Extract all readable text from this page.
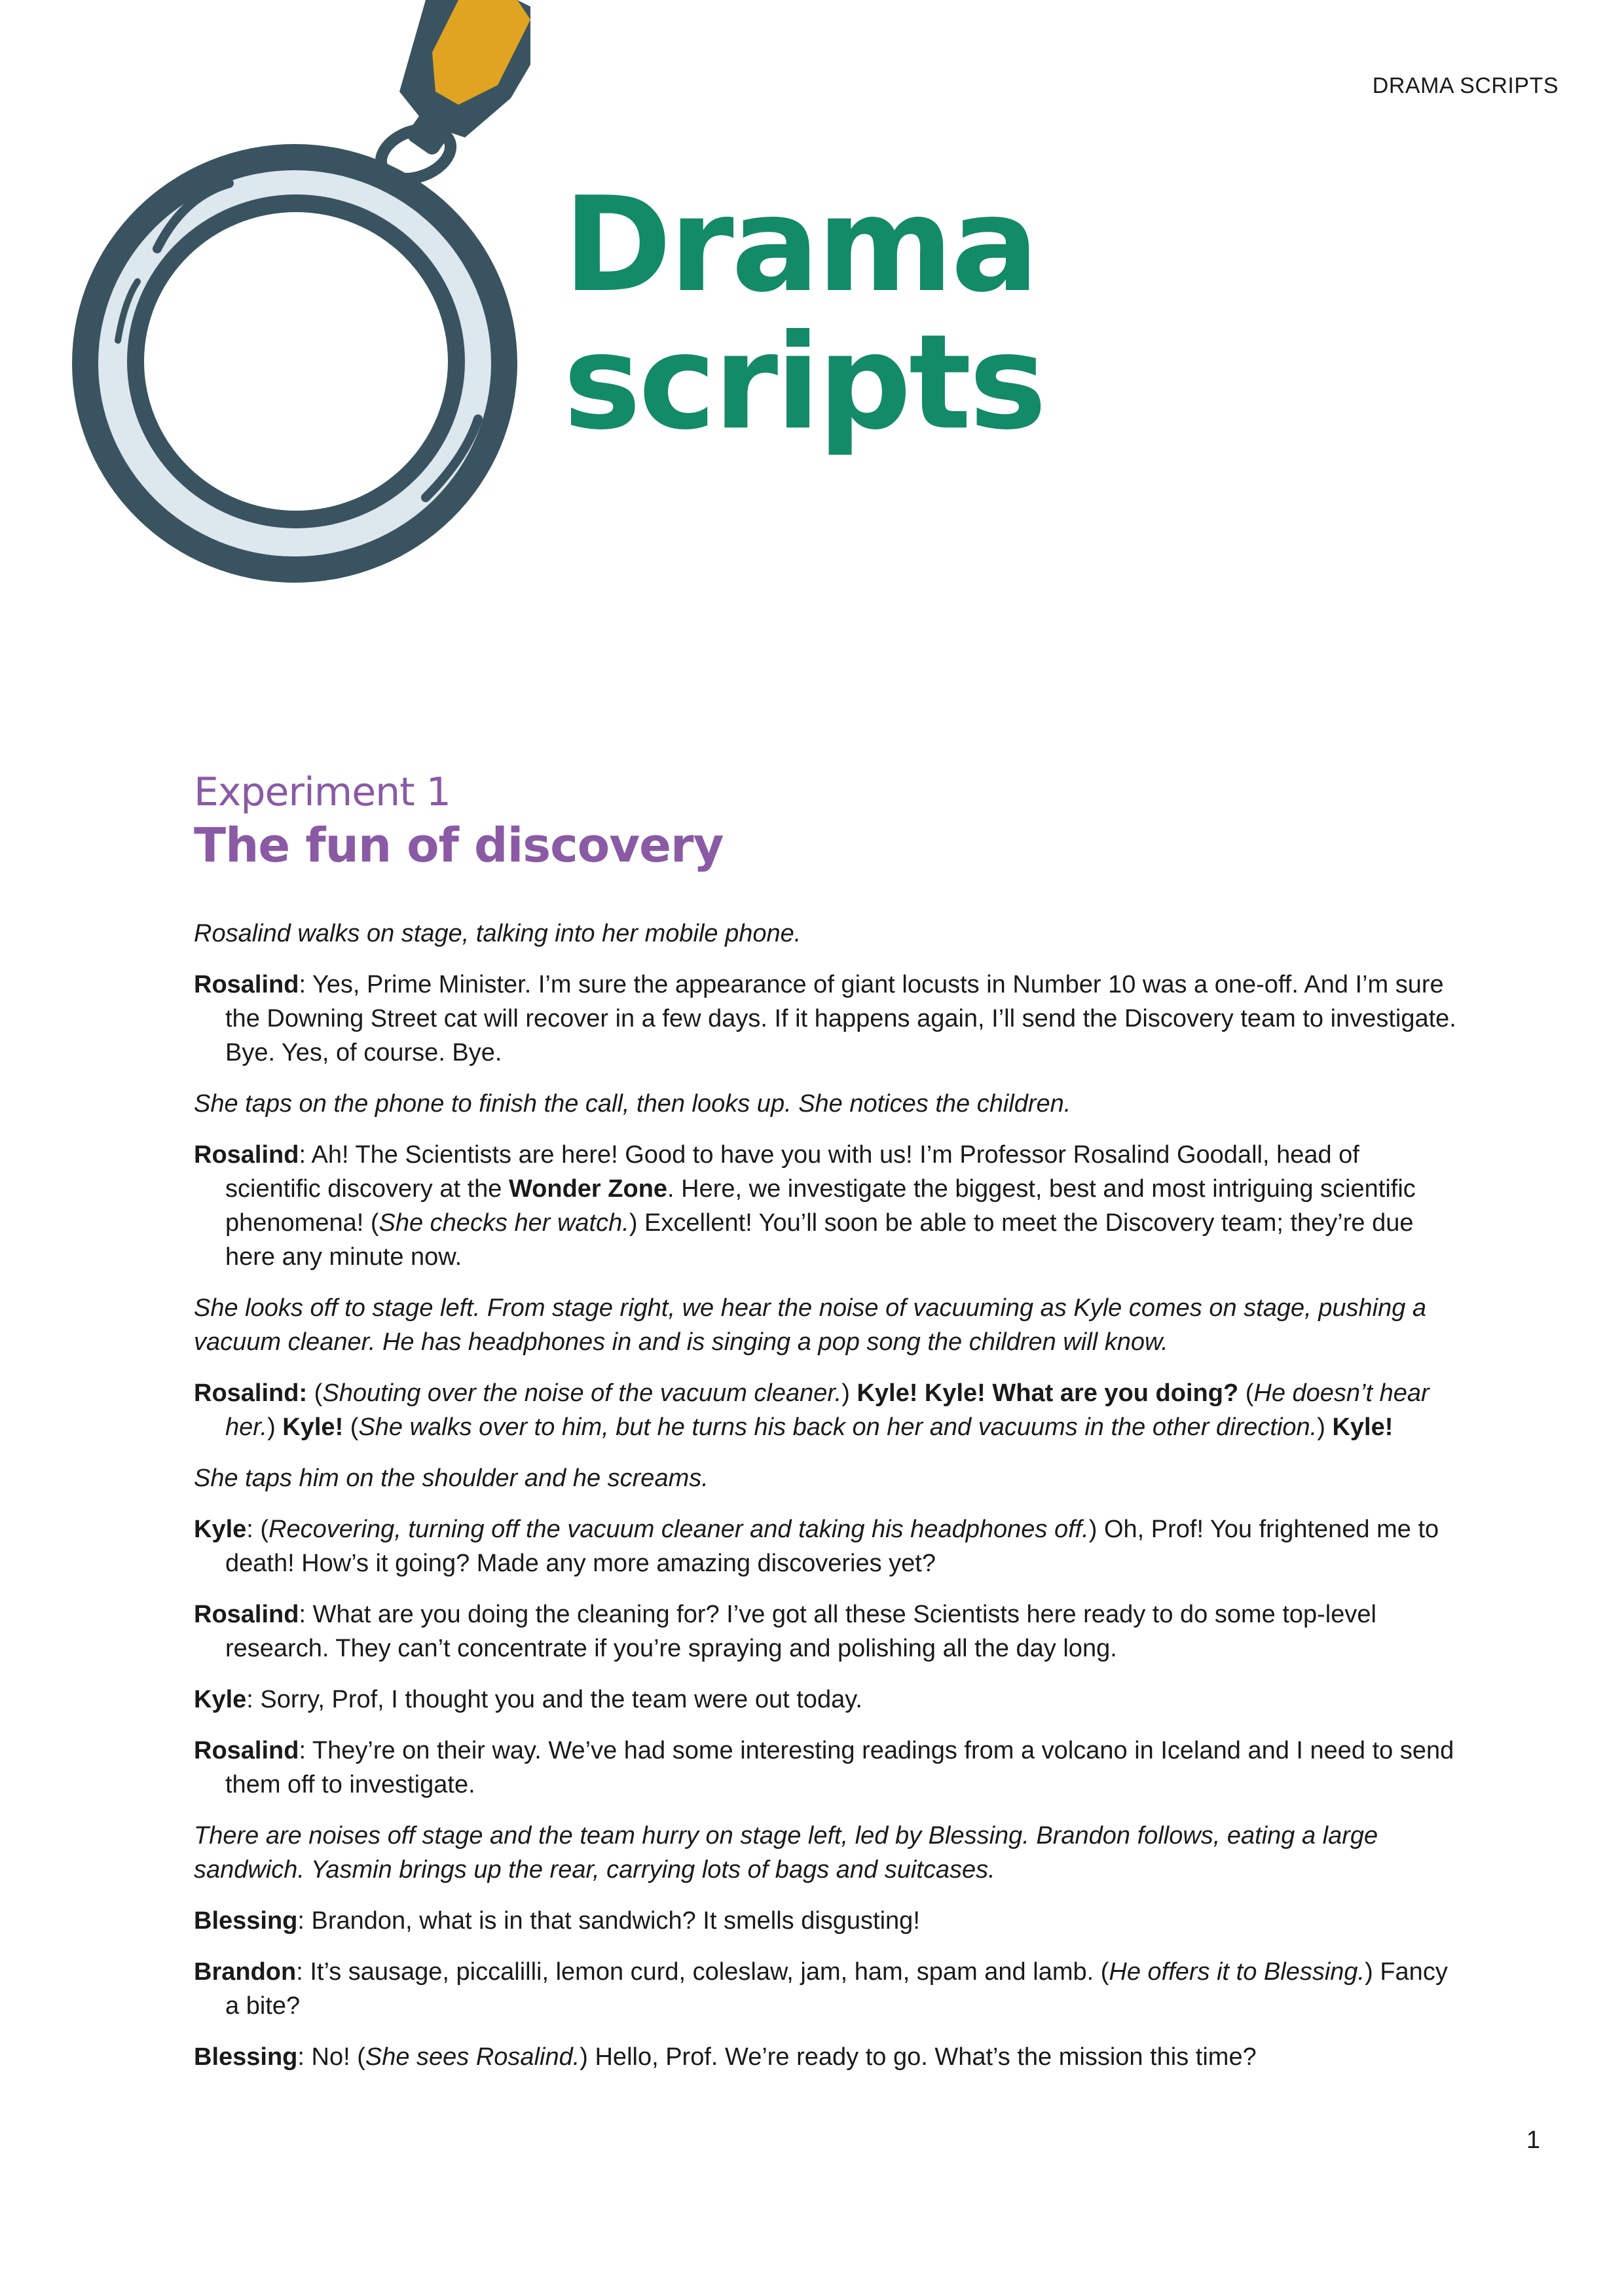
DRAMA SCRIPTS
Drama
scripts
Experiment 1
The fun of discovery

Rosalind walks on stage, talking into her mobile phone.

Rosalind: Yes, Prime Minister. I’m sure the appearance of giant locusts in Number 10 was a one-off. And I’m sure the Downing Street cat will recover in a few days. If it happens again, I’ll send the Discovery team to investigate. Bye. Yes, of course. Bye.

She taps on the phone to finish the call, then looks up. She notices the children.

Rosalind: Ah! The Scientists are here! Good to have you with us! I’m Professor Rosalind Goodall, head of scientific discovery at the Wonder Zone. Here, we investigate the biggest, best and most intriguing scientific phenomena! (She checks her watch.) Excellent! You’ll soon be able to meet the Discovery team; they’re due here any minute now.

She looks off to stage left. From stage right, we hear the noise of vacuuming as Kyle comes on stage, pushing a vacuum cleaner. He has headphones in and is singing a pop song the children will know.

Rosalind: (Shouting over the noise of the vacuum cleaner.) Kyle! Kyle! What are you doing? (He doesn’t hear her.) Kyle! (She walks over to him, but he turns his back on her and vacuums in the other direction.) Kyle!

She taps him on the shoulder and he screams.

Kyle: (Recovering, turning off the vacuum cleaner and taking his headphones off.) Oh, Prof! You frightened me to death! How’s it going? Made any more amazing discoveries yet?

Rosalind: What are you doing the cleaning for? I’ve got all these Scientists here ready to do some top-level research. They can’t concentrate if you’re spraying and polishing all the day long.

Kyle: Sorry, Prof, I thought you and the team were out today.

Rosalind: They’re on their way. We’ve had some interesting readings from a volcano in Iceland and I need to send them off to investigate.

There are noises off stage and the team hurry on stage left, led by Blessing. Brandon follows, eating a large sandwich. Yasmin brings up the rear, carrying lots of bags and suitcases.

Blessing: Brandon, what is in that sandwich? It smells disgusting!

Brandon: It’s sausage, piccalilli, lemon curd, coleslaw, jam, ham, spam and lamb. (He offers it to Blessing.) Fancy a bite?

Blessing: No! (She sees Rosalind.) Hello, Prof. We’re ready to go. What’s the mission this time?

1
